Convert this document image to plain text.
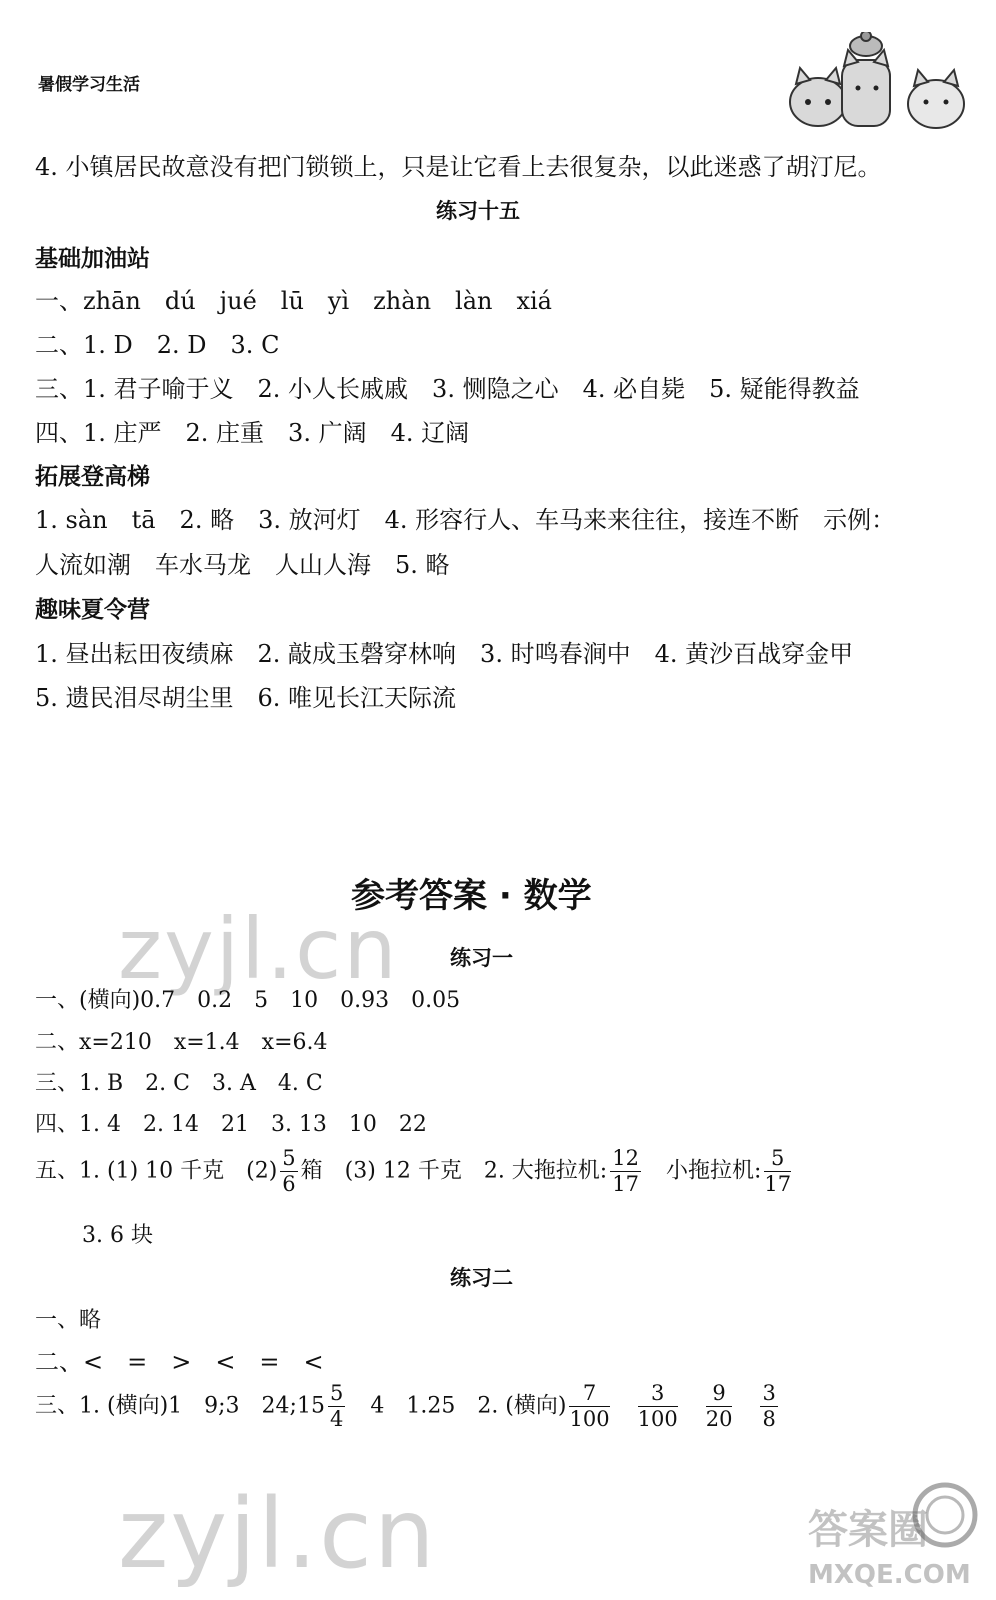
暑假学习生活
4. 小镇居民故意没有把门锁锁上，只是让它看上去很复杂，以此迷惑了胡汀尼。
练习十五
基础加油站
一、zhān　dú　jué　lū　yì　zhàn　làn　xiá
二、1. D　2. D　3. C
三、1. 君子喻于义　2. 小人长戚戚　3. 恻隐之心　4. 必自毙　5. 疑能得教益
四、1. 庄严　2. 庄重　3. 广阔　4. 辽阔
拓展登高梯
1. sàn　tā　2. 略　3. 放河灯　4. 形容行人、车马来来往往，接连不断　示例：
人流如潮　车水马龙　人山人海　5. 略
趣味夏令营
1. 昼出耘田夜绩麻　2. 敲成玉磬穿林响　3. 时鸣春涧中　4. 黄沙百战穿金甲
5. 遗民泪尽胡尘里　6. 唯见长江天际流
参考答案 · 数学
zyjl.cn 练习一
一、(横向)0.7　0.2　5　10　0.93　0.05
二、x=210　x=1.4　x=6.4
三、1. B　2. C　3. A　4. C
四、1. 4　2. 14　21　3. 13　10　22
五、1. (1) 10 千克　$(2) \frac{5}{6}$ 箱　(3) 12 千克　2. 大拖拉机: $\frac{12}{17}$ 　小拖拉机: $\frac{5}{17}$
3. 6 块
练习二
一、略
二、<　=　>　<　=　<
三、1. (横向)1　9;3　24;15 $\frac{5}{4}$ 　4　1.25　2. (横向) $\frac{7}{100}$
　 $\frac{3}{100}$
　 $\frac{9}{20}$
　 $\frac{3}{8}$
zyjl.cn	答案圈
MXQE.COM
